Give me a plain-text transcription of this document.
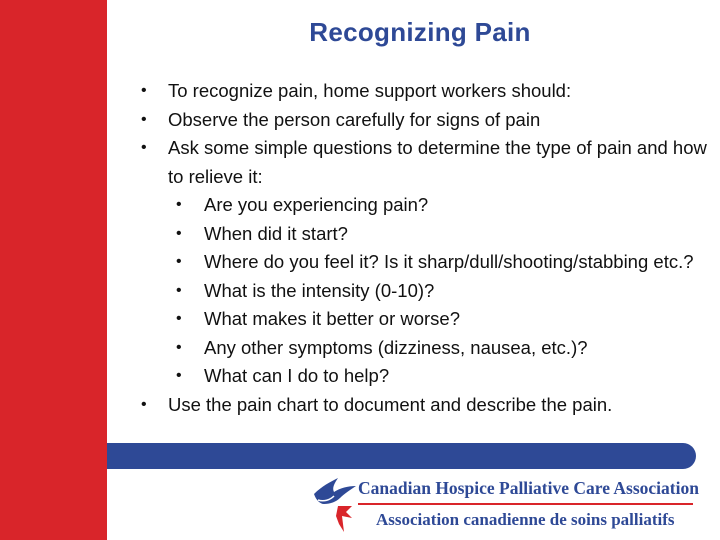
Recognizing Pain
• To recognize pain, home support workers should:
• Observe the person carefully for signs of pain
• Ask some simple questions to determine the type of pain and how to relieve it:
• Are you experiencing pain?
• When did it start?
• Where do you feel it? Is it sharp/dull/shooting/stabbing etc.?
• What is the intensity (0-10)?
• What makes it better or worse?
• Any other symptoms (dizziness, nausea, etc.)?
• What can I do to help?
• Use the pain chart to document and describe the pain.
Canadian Hospice Palliative Care Association
Association canadienne de soins palliatifs
